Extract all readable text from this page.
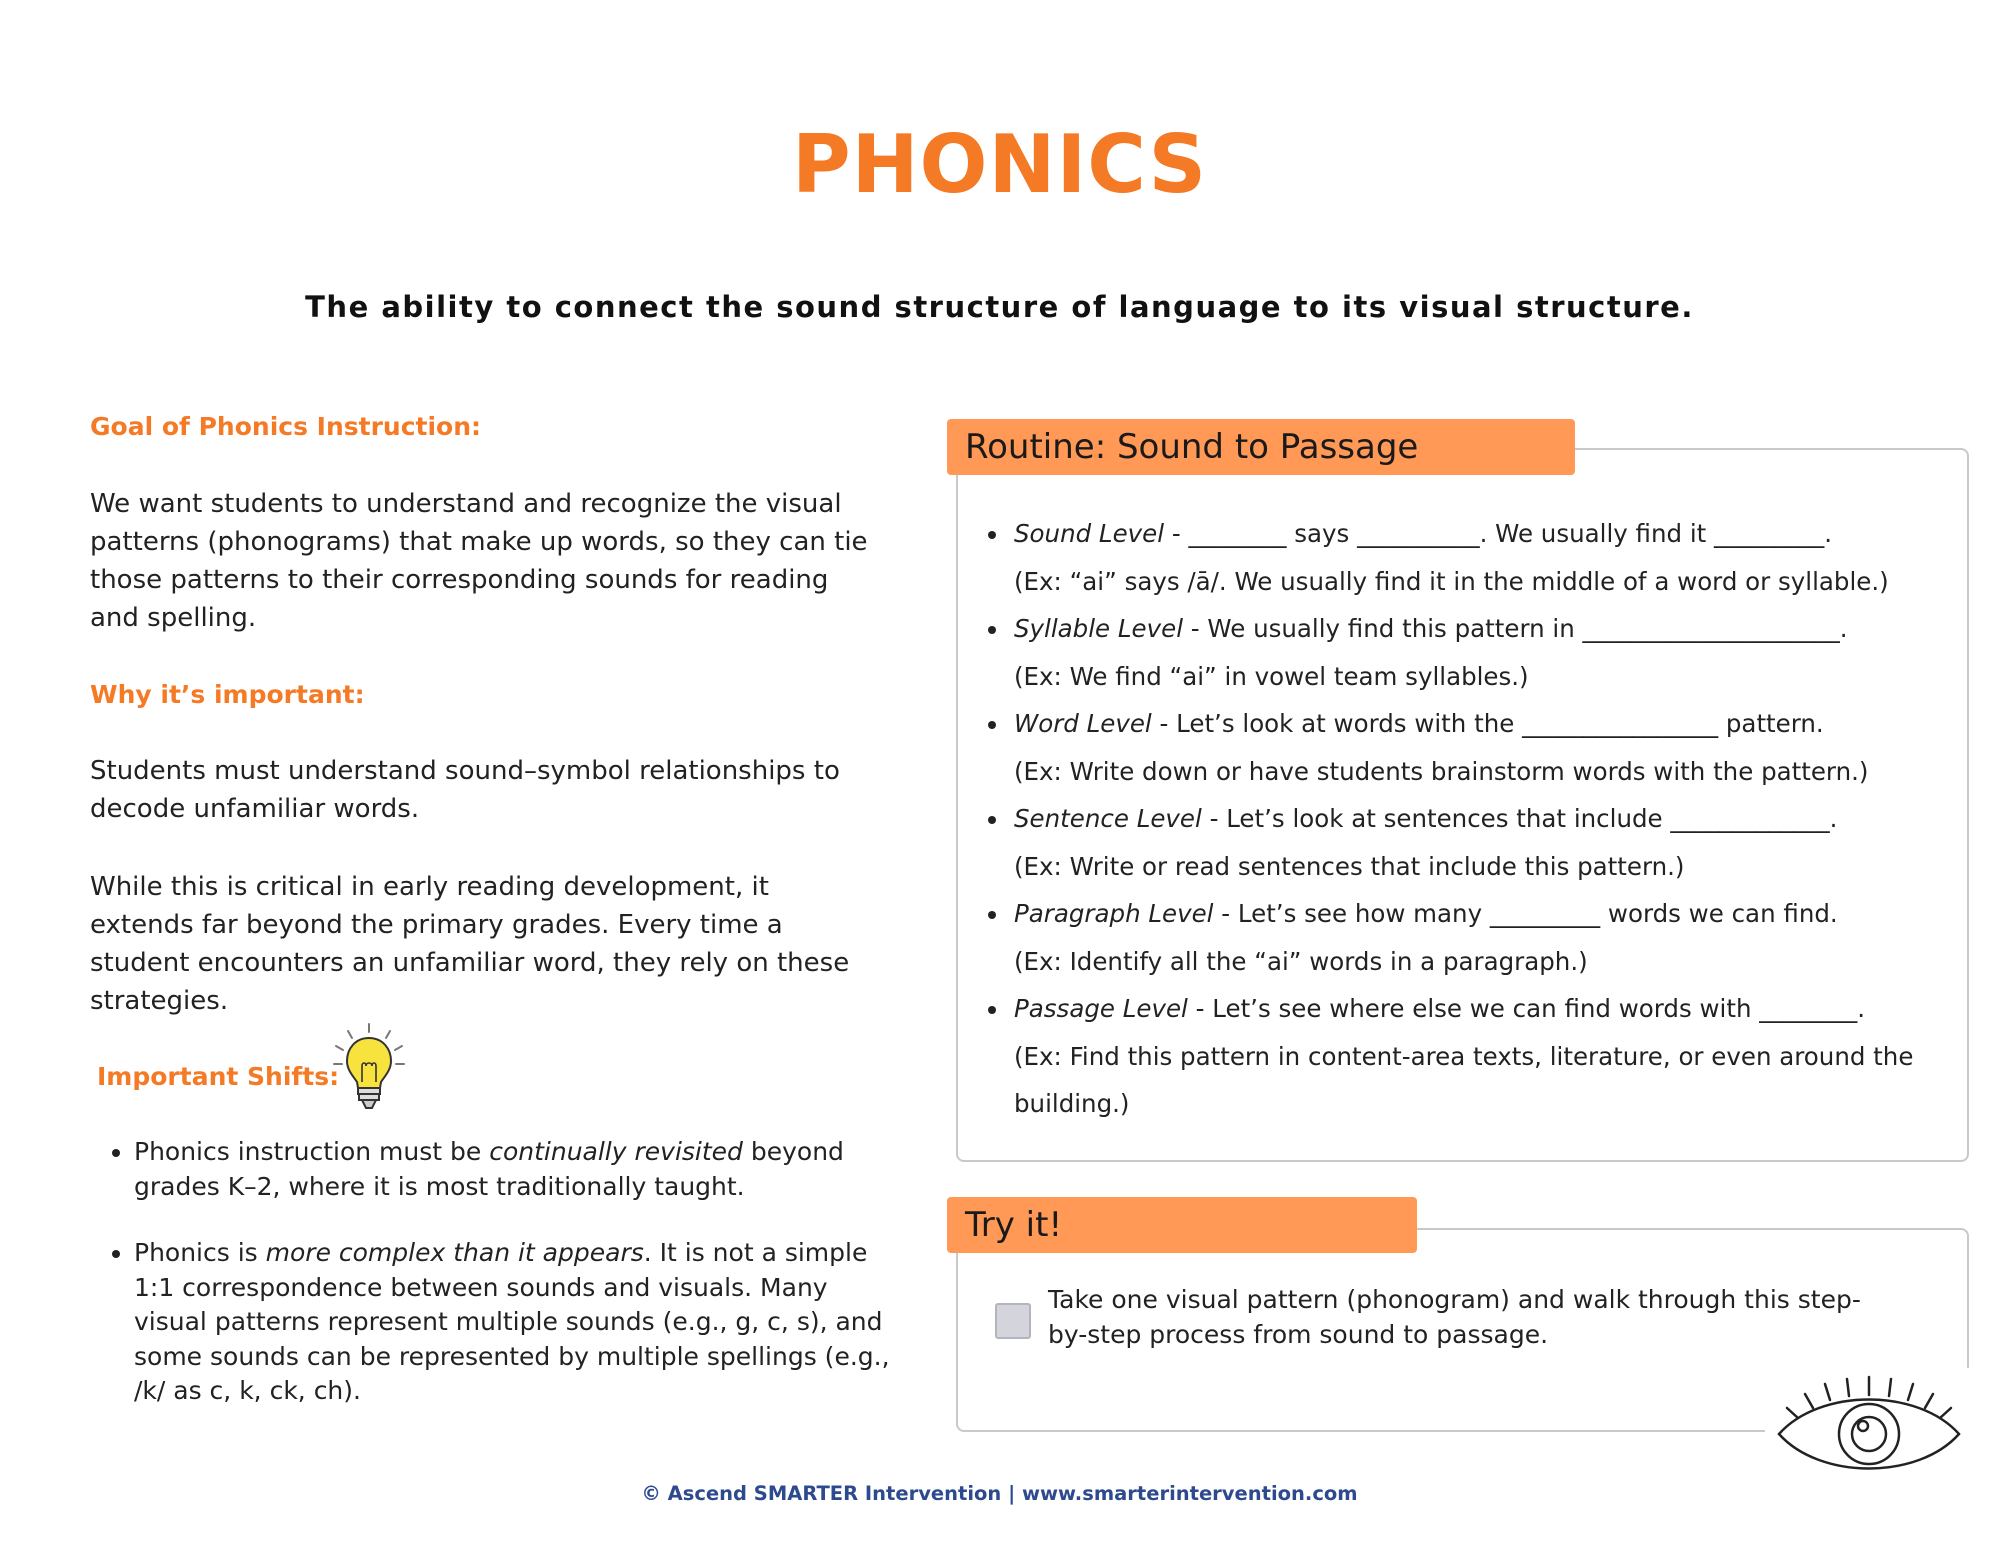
PHONICS
The ability to connect the sound structure of language to its visual structure.
Goal of Phonics Instruction:
We want students to understand and recognize the visual patterns (phonograms) that make up words, so they can tie those patterns to their corresponding sounds for reading and spelling.
Why it’s important:
Students must understand sound–symbol relationships to decode unfamiliar words.
While this is critical in early reading development, it extends far beyond the primary grades. Every time a student encounters an unfamiliar word, they rely on these strategies.
Important Shifts:
• Phonics instruction must be continually revisited beyond grades K–2, where it is most traditionally taught.
• Phonics is more complex than it appears. It is not a simple 1:1 correspondence between sounds and visuals. Many visual patterns represent multiple sounds (e.g., g, c, s), and some sounds can be represented by multiple spellings (e.g., /k/ as c, k, ck, ch).
Routine: Sound to Passage
• Sound Level - ________ says __________. We usually find it _________.
(Ex: “ai” says /ā/. We usually find it in the middle of a word or syllable.)
• Syllable Level - We usually find this pattern in _____________________.
(Ex: We find “ai” in vowel team syllables.)
• Word Level - Let’s look at words with the ________________ pattern.
(Ex: Write down or have students brainstorm words with the pattern.)
• Sentence Level - Let’s look at sentences that include _____________.
(Ex: Write or read sentences that include this pattern.)
• Paragraph Level - Let’s see how many _________ words we can find.
(Ex: Identify all the “ai” words in a paragraph.)
• Passage Level - Let’s see where else we can find words with ________.
(Ex: Find this pattern in content-area texts, literature, or even around the building.)
Try it!
Take one visual pattern (phonogram) and walk through this step-by-step process from sound to passage.
© Ascend SMARTER Intervention | www.smarterintervention.com
